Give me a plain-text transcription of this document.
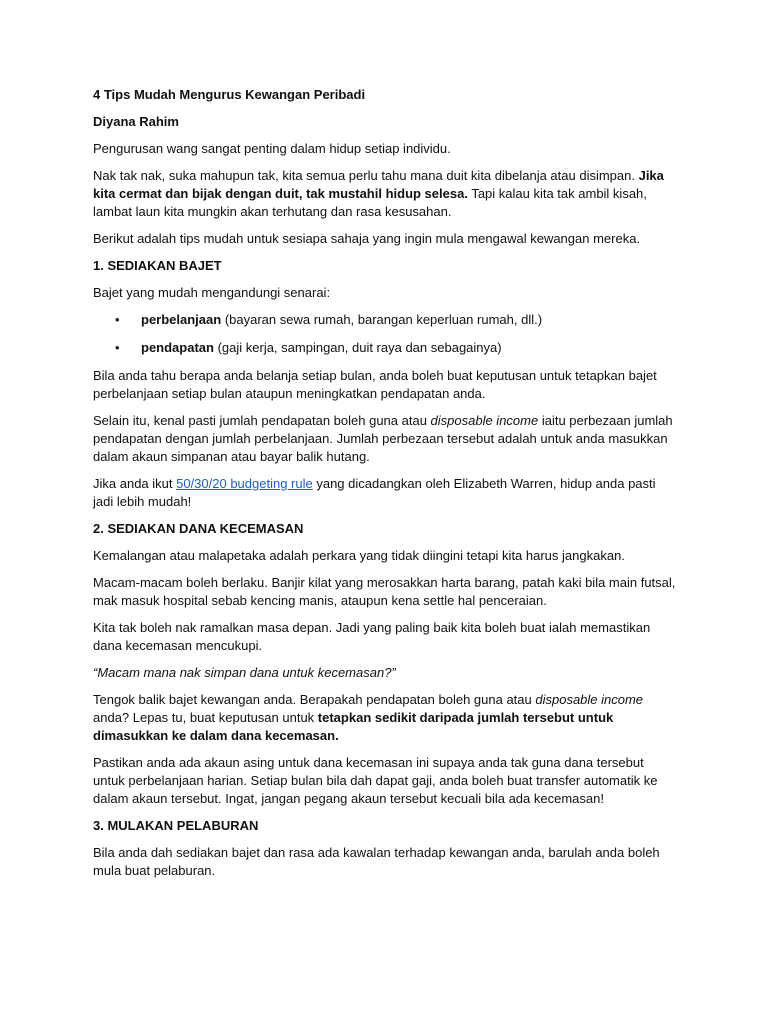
4 Tips Mudah Mengurus Kewangan Peribadi

Diyana Rahim

Pengurusan wang sangat penting dalam hidup setiap individu.

Nak tak nak, suka mahupun tak, kita semua perlu tahu mana duit kita dibelanja atau disimpan. Jika kita cermat dan bijak dengan duit, tak mustahil hidup selesa. Tapi kalau kita tak ambil kisah, lambat laun kita mungkin akan terhutang dan rasa kesusahan.

Berikut adalah tips mudah untuk sesiapa sahaja yang ingin mula mengawal kewangan mereka.

1. SEDIAKAN BAJET

Bajet yang mudah mengandungi senarai:

• perbelanjaan (bayaran sewa rumah, barangan keperluan rumah, dll.)
• pendapatan (gaji kerja, sampingan, duit raya dan sebagainya)

Bila anda tahu berapa anda belanja setiap bulan, anda boleh buat keputusan untuk tetapkan bajet perbelanjaan setiap bulan ataupun meningkatkan pendapatan anda.

Selain itu, kenal pasti jumlah pendapatan boleh guna atau disposable income iaitu perbezaan jumlah pendapatan dengan jumlah perbelanjaan. Jumlah perbezaan tersebut adalah untuk anda masukkan dalam akaun simpanan atau bayar balik hutang.

Jika anda ikut 50/30/20 budgeting rule yang dicadangkan oleh Elizabeth Warren, hidup anda pasti jadi lebih mudah!

2. SEDIAKAN DANA KECEMASAN

Kemalangan atau malapetaka adalah perkara yang tidak diingini tetapi kita harus jangkakan.

Macam-macam boleh berlaku. Banjir kilat yang merosakkan harta barang, patah kaki bila main futsal, mak masuk hospital sebab kencing manis, ataupun kena settle hal penceraian.

Kita tak boleh nak ramalkan masa depan. Jadi yang paling baik kita boleh buat ialah memastikan dana kecemasan mencukupi.

“Macam mana nak simpan dana untuk kecemasan?”

Tengok balik bajet kewangan anda. Berapakah pendapatan boleh guna atau disposable income anda? Lepas tu, buat keputusan untuk tetapkan sedikit daripada jumlah tersebut untuk dimasukkan ke dalam dana kecemasan.

Pastikan anda ada akaun asing untuk dana kecemasan ini supaya anda tak guna dana tersebut untuk perbelanjaan harian. Setiap bulan bila dah dapat gaji, anda boleh buat transfer automatik ke dalam akaun tersebut. Ingat, jangan pegang akaun tersebut kecuali bila ada kecemasan!

3. MULAKAN PELABURAN

Bila anda dah sediakan bajet dan rasa ada kawalan terhadap kewangan anda, barulah anda boleh mula buat pelaburan.
